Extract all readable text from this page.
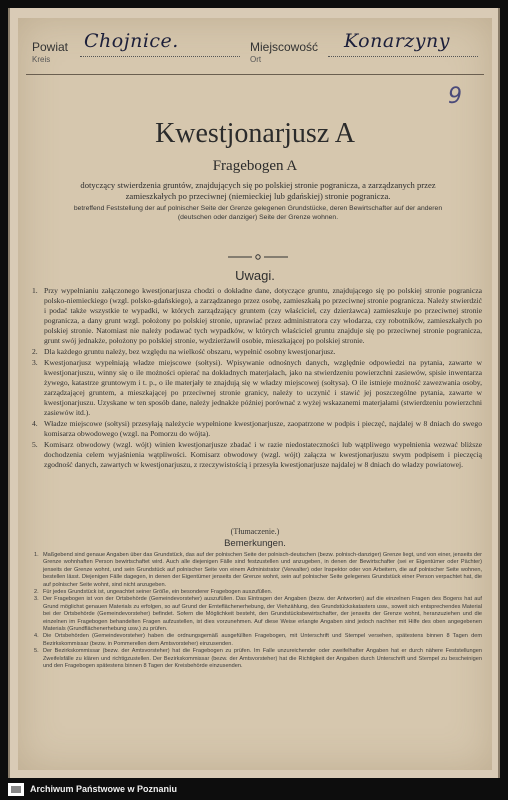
Powiat
Kreis
Chojnice.	Miejscowość
Ort
Konarzyny
9
Kwestjonarjusz A
Fragebogen A
dotyczący stwierdzenia gruntów, znajdujących się po polskiej stronie pogranicza, a zarządzanych przez zamieszkałych po przeciwnej (niemieckiej lub gdańskiej) stronie pogranicza.
betreffend Feststellung der auf polnischer Seite der Grenze gelegenen Grundstücke, deren Bewirtschafter auf der anderen (deutschen oder danziger) Seite der Grenze wohnen.
Uwagi.
1. Przy wypełnianiu załączonego kwestjonarjusza chodzi o dokładne dane, dotyczące gruntu, znajdującego się po polskiej stronie pogranicza polsko-niemieckiego (wzgl. polsko-gdańskiego), a zarządzanego przez osobę, zamieszkałą po przeciwnej stronie pogranicza. Należy stwierdzić i podać także wszystkie te wypadki, w których zarządzający gruntem (czy właściciel, czy dzierżawca) zamieszkuje po przeciwnej stronie pogranicza, a dany grunt wzgl. położony po polskiej stronie, uprawiać przez administratora czy włodarza, czy robotników, zamieszkałych po polskiej stronie. Natomiast nie należy podawać tych wypadków, w których właściciel gruntu znajduje się po przeciwnej stronie pogranicza, grunt swój jednakże, położony po polskiej stronie, wydzierżawił osobie, mieszkającej po polskiej stronie.
2. Dla każdego gruntu należy, bez względu na wielkość obszaru, wypełnić osobny kwestjonarjusz.
3. Kwestjonarjusz wypełniają władze miejscowe (sołtysi). Wpisywanie odnośnych danych, względnie odpowiedzi na pytania, zawarte w kwestjonarjuszu, winny się o ile możności opierać na dokładnych materjałach, jako na stwierdzeniu powierzchni zasiewów, spisie inwentarza żywego, katastrze gruntowym i t. p., o ile materjały te znajdują się w władzy miejscowej (sołtysa). O ile istnieje możność zawezwania osoby, zarządzającej gruntem, a mieszkającej po przeciwnej stronie granicy, należy to uczynić i stawić jej poszczególne pytania, zawarte w kwestjonarjuszu. Uzyskane w ten sposób dane, należy jednakże później porównać z wyżej wskazanemi materjałami (stwierdzeniu powierzchni zasiewów itd.).
4. Władze miejscowe (sołtysi) przesyłają należycie wypełnione kwestjonarjusze, zaopatrzone w podpis i pieczęć, najdalej w 8 dniach do swego komisarza obwodowego (wzgl. na Pomorzu do wójta).
5. Komisarz obwodowy (wzgl. wójt) winien kwestjonarjusze zbadać i w razie niedostateczności lub wątpliwego wypełnienia wezwać bliższe dochodzenia celem wyjaśnienia wątpliwości. Komisarz obwodowy (wzgl. wójt) załącza w kwestjonarjuszu swym podpisem i pieczęcią zgodność danych, zawartych w kwestjonarjuszu, z rzeczywistością i przesyła kwestjonarjusze najdalej w 8 dniach do władzy powiatowej.
(Tłumaczenie.)
Bemerkungen.
1. Maßgebend sind genaue Angaben über das Grundstück, das auf der polnischen Seite der polnisch-deutschen (bezw. polnisch-danziger) Grenze liegt, und von einer, jenseits der Grenze wohnhaften Person bewirtschaftet wird. Auch alle diejenigen Fälle sind festzustellen und anzugeben, in denen der Bewirtschafter (sei er Eigentümer oder Pächter) jenseits der Grenze wohnt, und sein Grundstück auf polnischer Seite von einem Administrator (Verwalter) oder Inspektor oder von Arbeitern, die auf polnischer Seite wohnen, bestellen lässt. Diejenigen Fälle dagegen, in denen der Eigentümer jenseits der Grenze wohnt, sein auf polnischer Seite gelegenes Grundstück einer Person verpachtet hat, die auf polnischer Seite wohnt, sind nicht anzugeben.
2. Für jedes Grundstück ist, ungeachtet seiner Größe, ein besonderer Fragebogen auszufüllen.
3. Der Fragebogen ist von der Ortsbehörde (Gemeindevorsteher) auszufüllen. Das Eintragen der Angaben (bezw. der Antworten) auf die einzelnen Fragen des Bogens hat auf Grund möglichst genauen Materials zu erfolgen, so auf Grund der Ernteflächenerhebung, der Viehzählung, des Grundstückskatasters usw., soweit sich entsprechendes Material bei der Ortsbehörde (Gemeindevorsteher) befindet. Sofern die Möglichkeit besteht, den Grundstücksbewirtschafter, der jenseits der Grenze wohnt, heranzuziehen und die einzelnen im Fragebogen behandelten Fragen aufzustellen, ist dies vorzunehmen. Auf diese Weise erlangte Angaben sind jedoch nachher mit Hilfe des oben angegebenen Materials (Grundflächenerhebung usw.) zu prüfen.
4. Die Ortsbehörden (Gemeindevorsteher) haben die ordnungsgemäß ausgefüllten Fragebogen, mit Unterschrift und Stempel versehen, spätestens binnen 8 Tagen dem Bezirkskommissar (bezw. in Pommerellen dem Amtsvorsteher) einzusenden.
5. Der Bezirkskommissar (bezw. der Amtsvorsteher) hat die Fragebogen zu prüfen. Im Falle unzureichender oder zweifelhafter Angaben hat er durch nähere Feststellungen Zweifelsfälle zu klären und richtigzustellen. Der Bezirkskommissar (bezw. der Amtsvorsteher) hat die Richtigkeit der Angaben durch Unterschrift und Stempel zu bescheinigen und den Fragebogen spätestens binnen 8 Tagen der Kreisbehörde einzusenden.
Archiwum Państwowe w Poznaniu
